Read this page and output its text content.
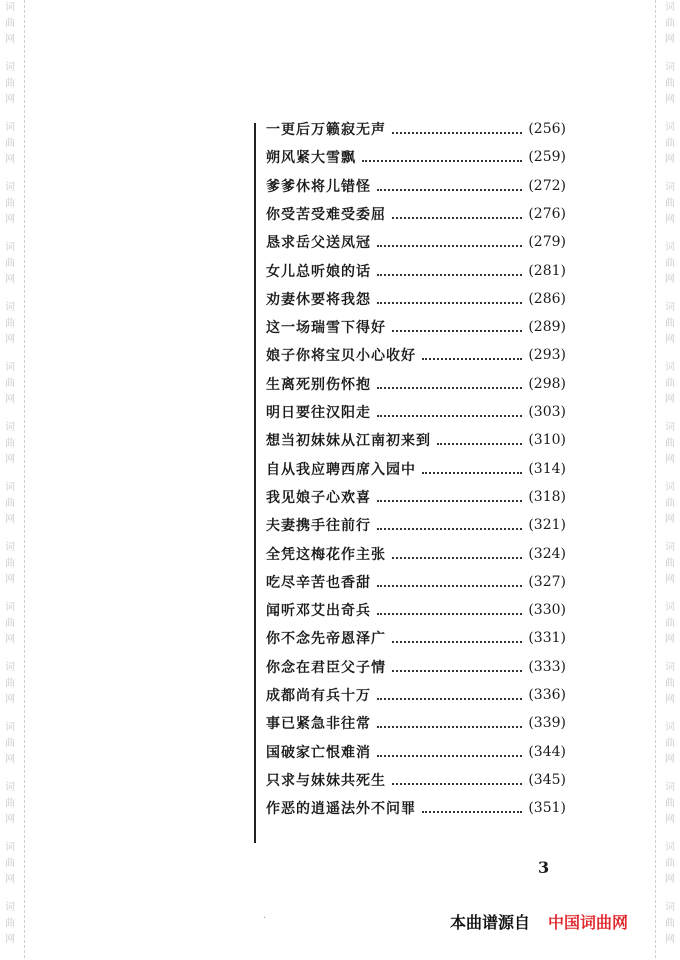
词
曲
网
词
曲
网
词
曲
网
词
曲
网
词
曲
网
词
曲
网
词
曲
网
词
曲
网
词
曲
网
词
曲
网
词
曲
网
词
曲
网
词
曲
网
词
曲
网
词
曲
网
词
曲
网
词
曲
网
词
曲
网
词
曲
网
词
曲
网
词
曲
网
词
曲
网
词
曲
网
词
曲
网
词
曲
网
词
曲
网
词
曲
网
词
曲
网
词
曲
网
词
曲
网
词
曲
网
词
曲
网
一更后万籁寂无声	(256)
朔风紧大雪飘	(259)
爹爹休将儿错怪	(272)
你受苦受难受委屈	(276)
恳求岳父送凤冠	(279)
女儿总听娘的话	(281)
劝妻休要将我怨	(286)
这一场瑞雪下得好	(289)
娘子你将宝贝小心收好	(293)
生离死别伤怀抱	(298)
明日要往汉阳走	(303)
想当初妹妹从江南初来到	(310)
自从我应聘西席入园中	(314)
我见娘子心欢喜	(318)
夫妻携手往前行	(321)
全凭这梅花作主张	(324)
吃尽辛苦也香甜	(327)
闻听邓艾出奇兵	(330)
你不念先帝恩泽广	(331)
你念在君臣父子情	(333)
成都尚有兵十万	(336)
事已紧急非往常	(339)
国破家亡恨难消	(344)
只求与妹妹共死生	(345)
作恶的逍遥法外不问罪	(351)
3
·	本曲谱源自 中国词曲网
